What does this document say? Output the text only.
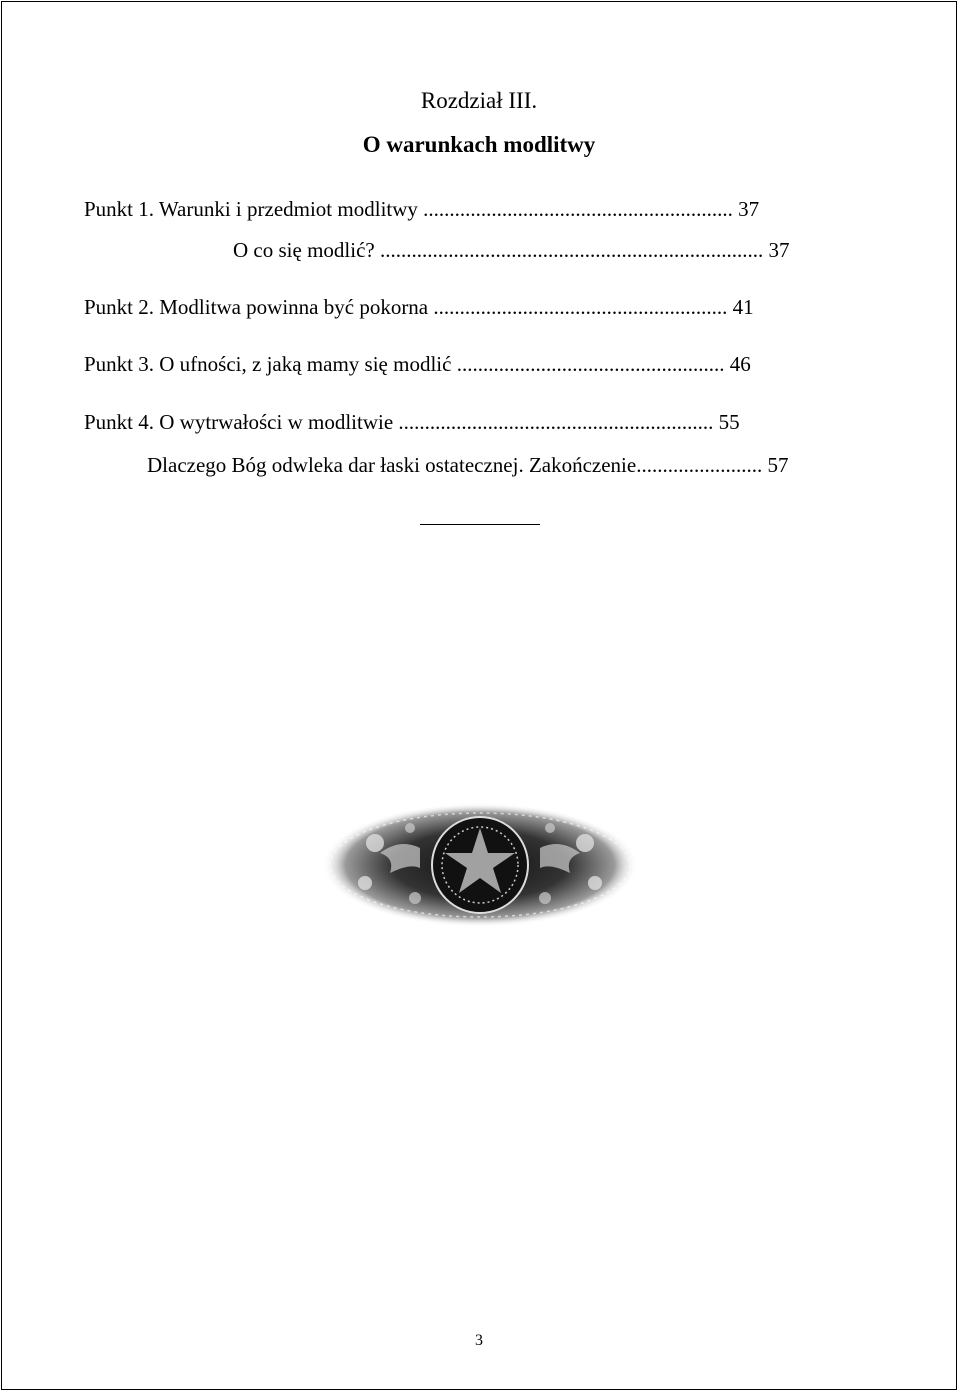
Rozdział III.
O warunkach modlitwy
Punkt 1. Warunki i przedmiot modlitwy ........................................................... 37
O co się modlić? ......................................................................... 37
Punkt 2. Modlitwa powinna być pokorna ........................................................ 41
Punkt 3. O ufności, z jaką mamy się modlić ................................................... 46
Punkt 4. O wytrwałości w modlitwie ............................................................ 55
Dlaczego Bóg odwleka dar łaski ostatecznej. Zakończenie........................ 57
3
